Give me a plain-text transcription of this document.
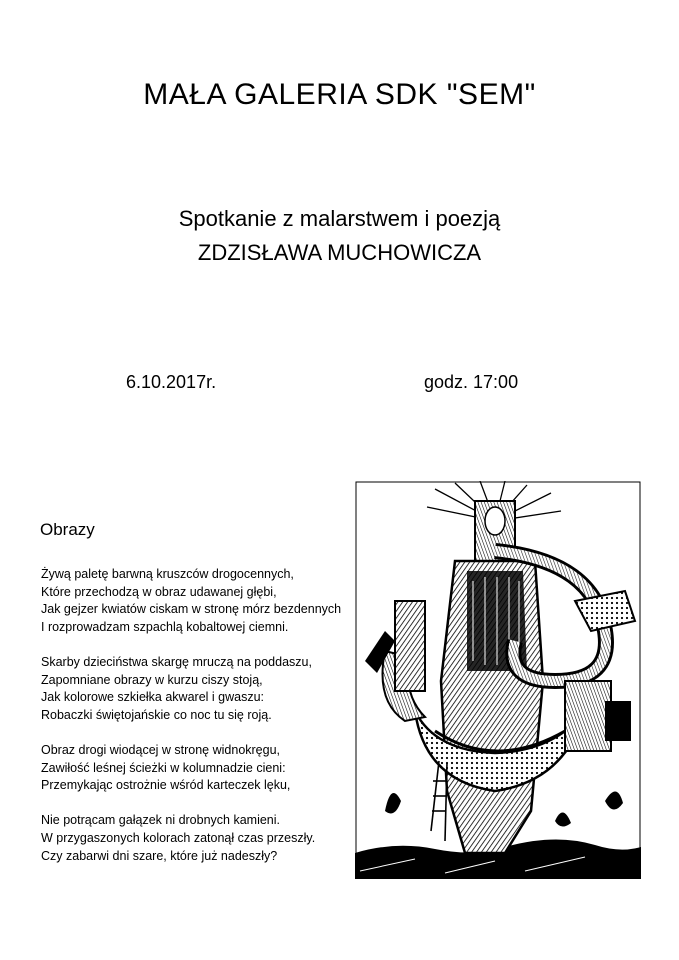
MAŁA GALERIA SDK "SEM"
Spotkanie z malarstwem i poezją
ZDZISŁAWA MUCHOWICZA
6.10.2017r.	godz. 17:00
Obrazy
Żywą paletę barwną kruszców drogocennych,
Które przechodzą w obraz udawanej głębi,
Jak gejzer kwiatów ciskam w stronę mórz bezdennych
I rozprowadzam szpachlą kobaltowej ciemni.
Skarby dzieciństwa skargę mruczą na poddaszu,
Zapomniane obrazy w kurzu ciszy stoją,
Jak kolorowe szkiełka akwarel i gwaszu:
Robaczki świętojańskie co noc tu się roją.
Obraz drogi wiodącej w stronę widnokręgu,
Zawiłość leśnej ścieżki w kolumnadzie cieni:
Przemykając ostrożnie wśród karteczek lęku,
Nie potrącam gałązek ni drobnych kamieni.
W przygaszonych kolorach zatonął czas przeszły.
Czy zabarwi dni szare, które już nadeszły?
